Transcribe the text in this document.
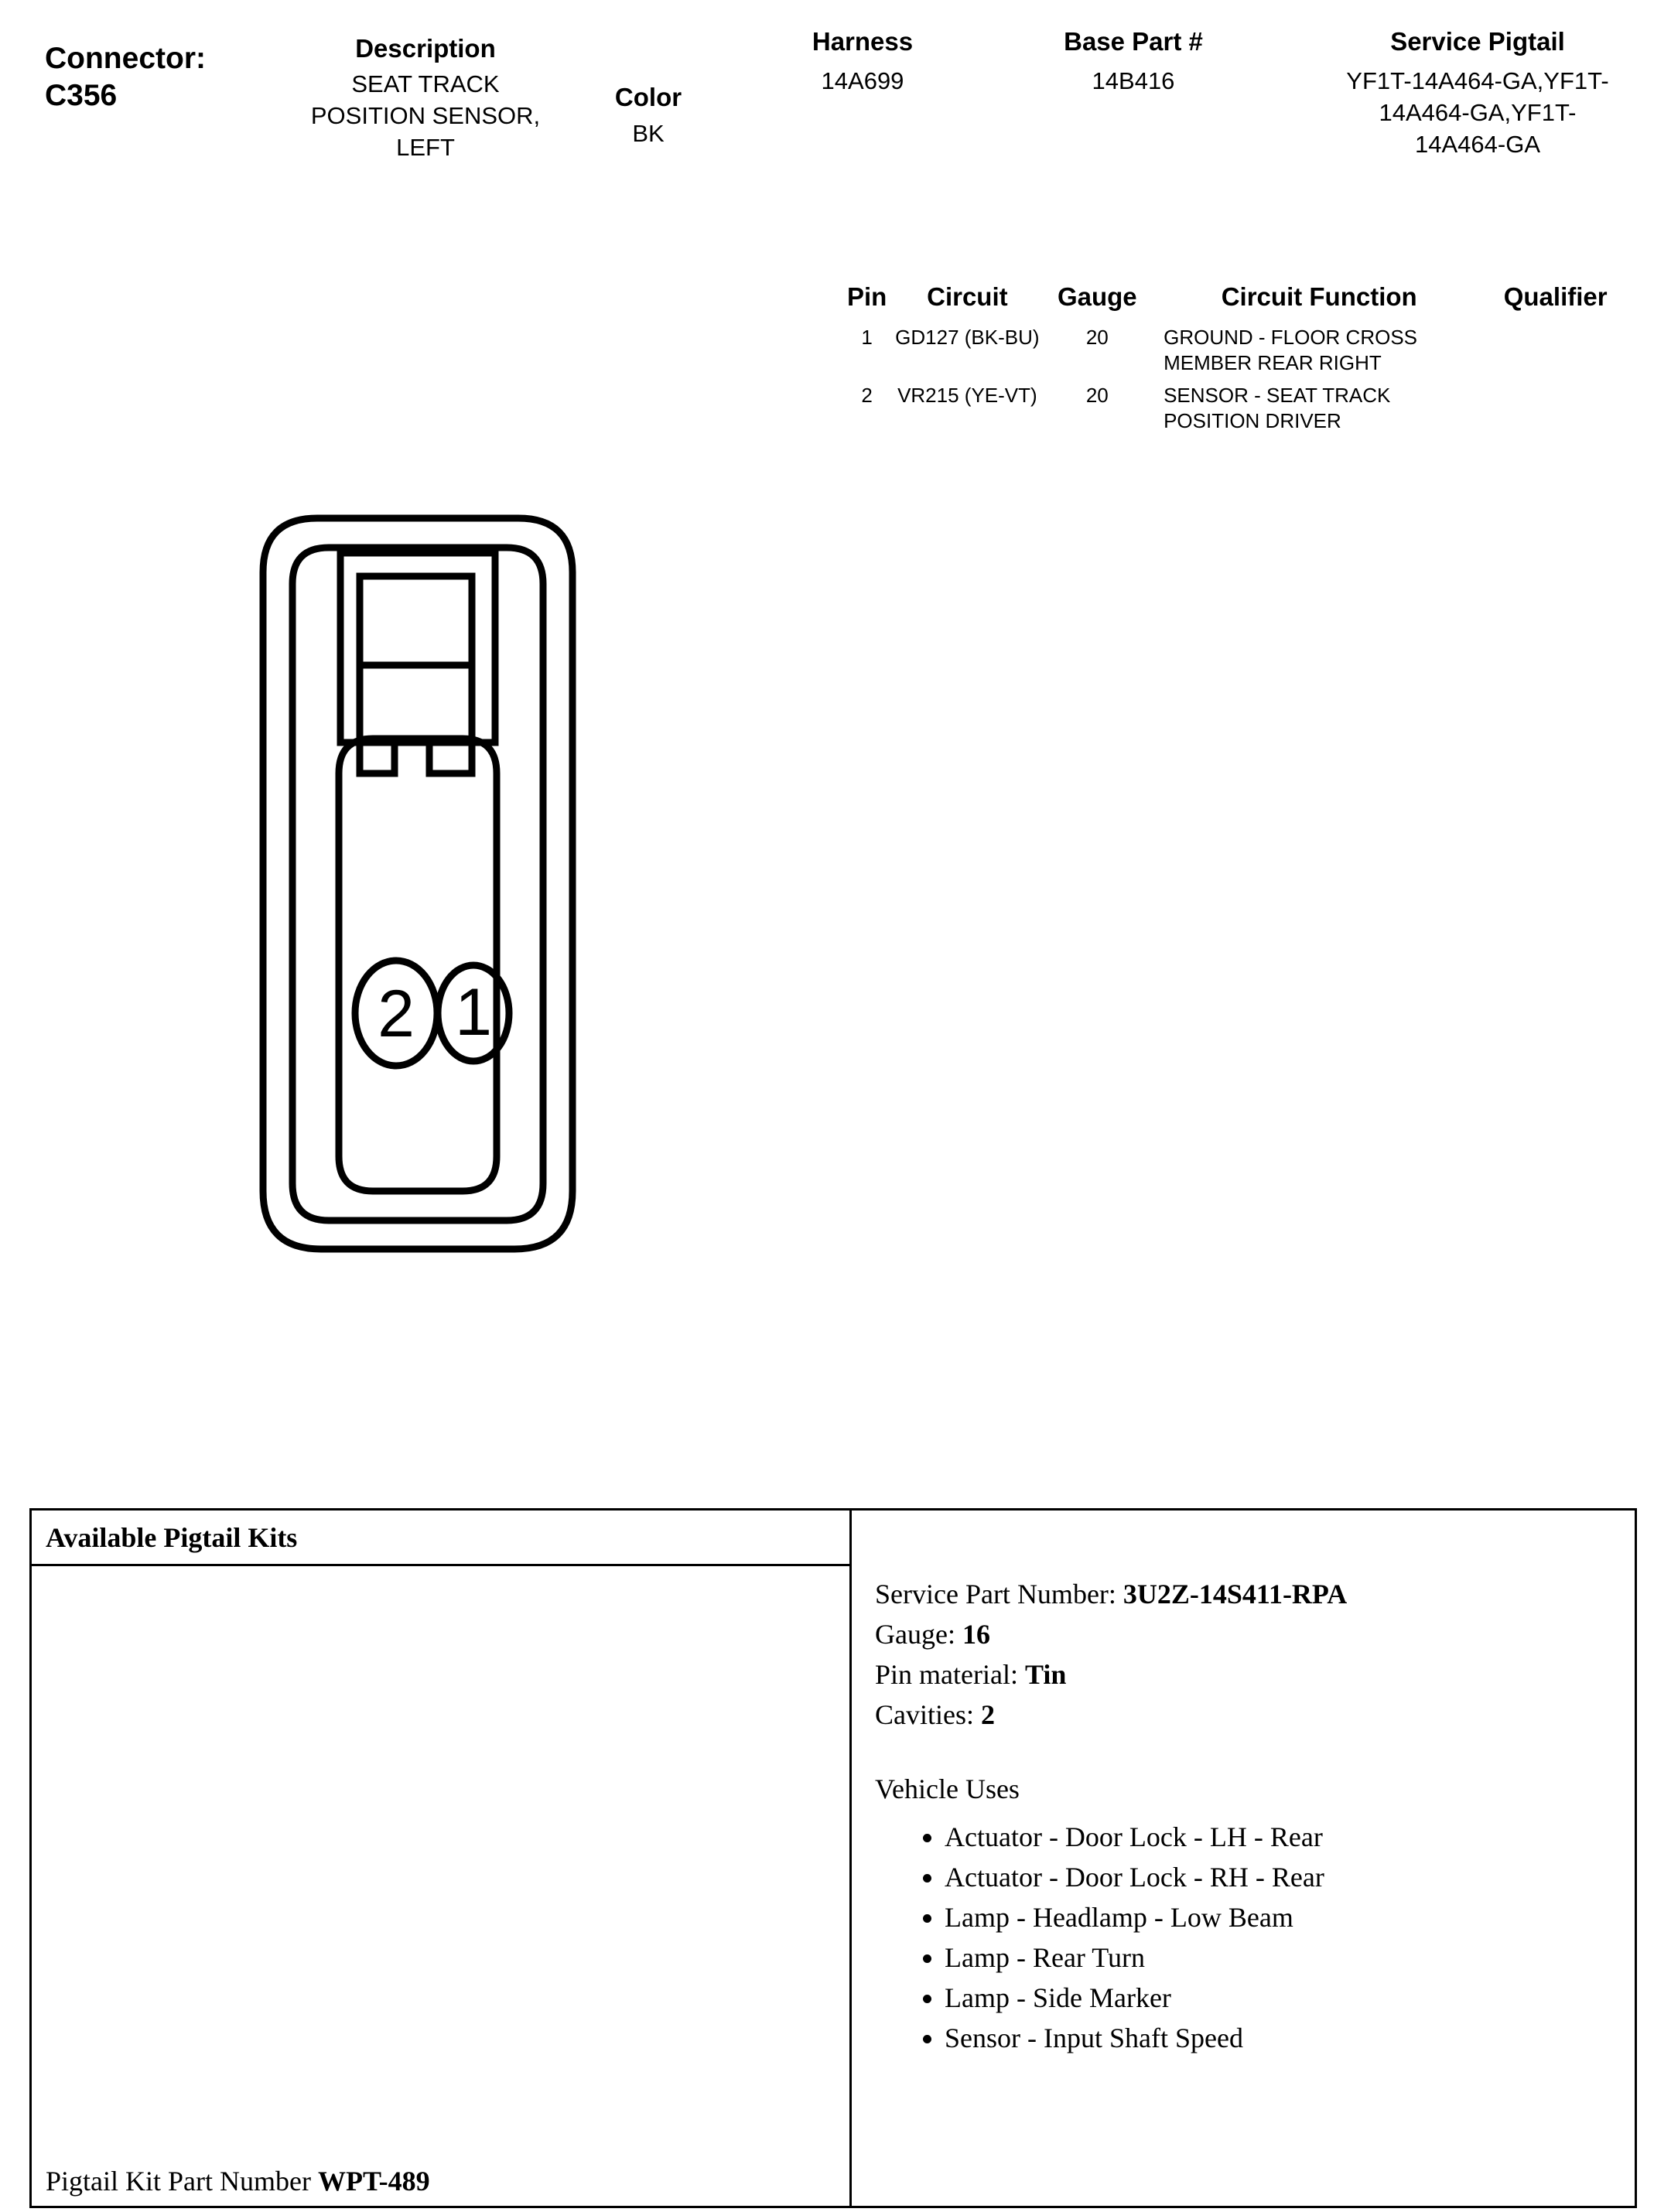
Connector:
C356
Description
SEAT TRACK POSITION SENSOR, LEFT
Color
BK
Harness
14A699
Base Part #
14B416
Service Pigtail
YF1T-14A464-GA,YF1T-14A464-GA,YF1T-14A464-GA
Pin	Circuit	Gauge	Circuit Function	Qualifier
1	GD127 (BK-BU)	20	GROUND - FLOOR CROSS MEMBER REAR RIGHT	
2	VR215 (YE-VT)	20	SENSOR - SEAT TRACK POSITION DRIVER	
2 1
Available Pigtail Kits
Pigtail Kit Part Number WPT-489
Service Part Number: 3U2Z-14S411-RPA
Gauge: 16
Pin material: Tin
Cavities: 2
Vehicle Uses
• Actuator - Door Lock - LH - Rear
• Actuator - Door Lock - RH - Rear
• Lamp - Headlamp - Low Beam
• Lamp - Rear Turn
• Lamp - Side Marker
• Sensor - Input Shaft Speed
